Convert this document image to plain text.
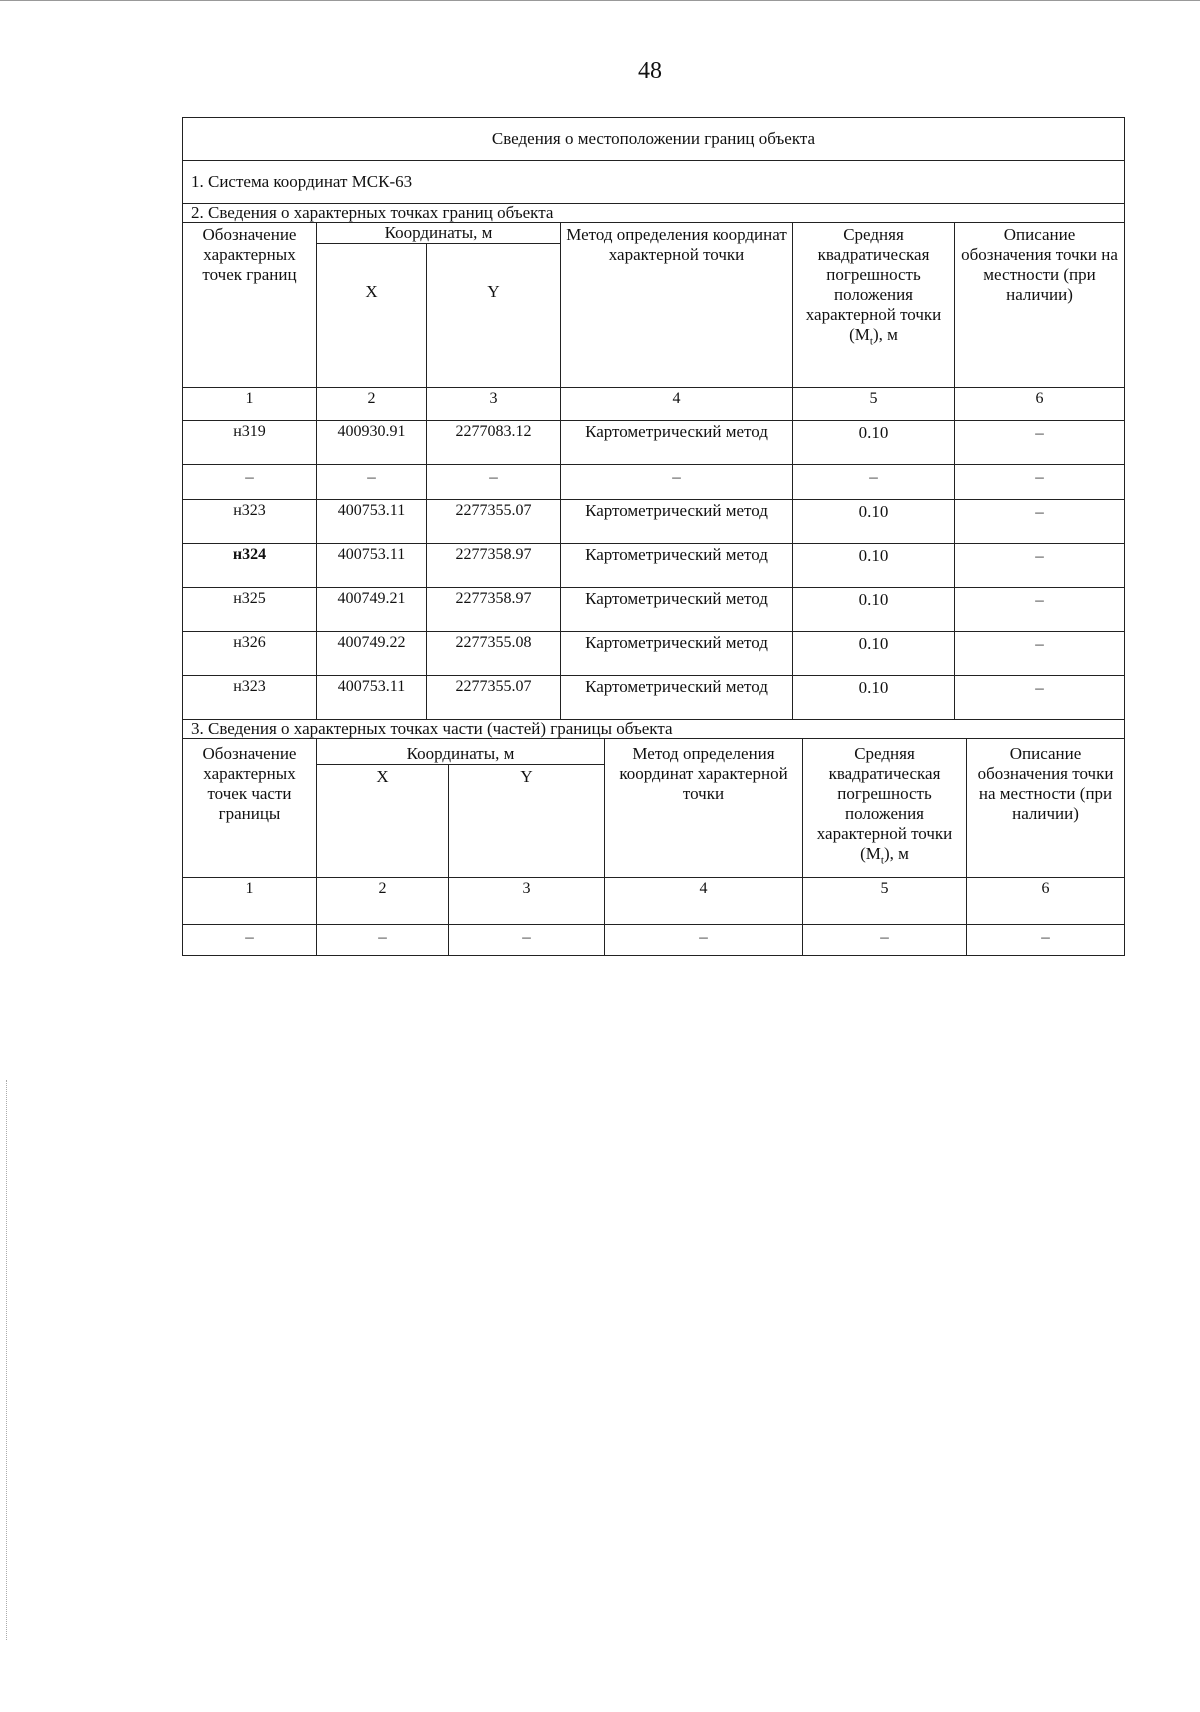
48
Сведения о местоположении границ объекта									
1. Система координат МСК-63									
2. Сведения о характерных точках границ объекта									
Обозначение характерных точек границ	Координаты, м			Метод определения координат характерной точки		Средняя квадратическая погрешность положения характерной точки $(M_t)$, м		Описание обозначения точки на местности (при наличии)	
	X	Y							
1	2	3		4		5		6	
н319	400930.91	2277083.12		Картометрический метод		0.10		–	
–	–	–		–		–		–	
н323	400753.11	2277355.07		Картометрический метод		0.10		–	
н324	400753.11	2277358.97		Картометрический метод		0.10		–	
н325	400749.21	2277358.97		Картометрический метод		0.10		–	
н326	400749.22	2277355.08		Картометрический метод		0.10		–	
н323	400753.11	2277355.07		Картометрический метод		0.10		–	
3. Сведения о характерных точках части (частей) границы объекта									
Обозначение характерных точек части границы	Координаты, м				Метод определения координат характерной точки		Средняя квадратическая погрешность положения характерной точки $(M_t)$, м		Описание обозначения точки на местности (при наличии)
	X		Y						
1	2		3		4		5		6
–	–		–		–		–		–
